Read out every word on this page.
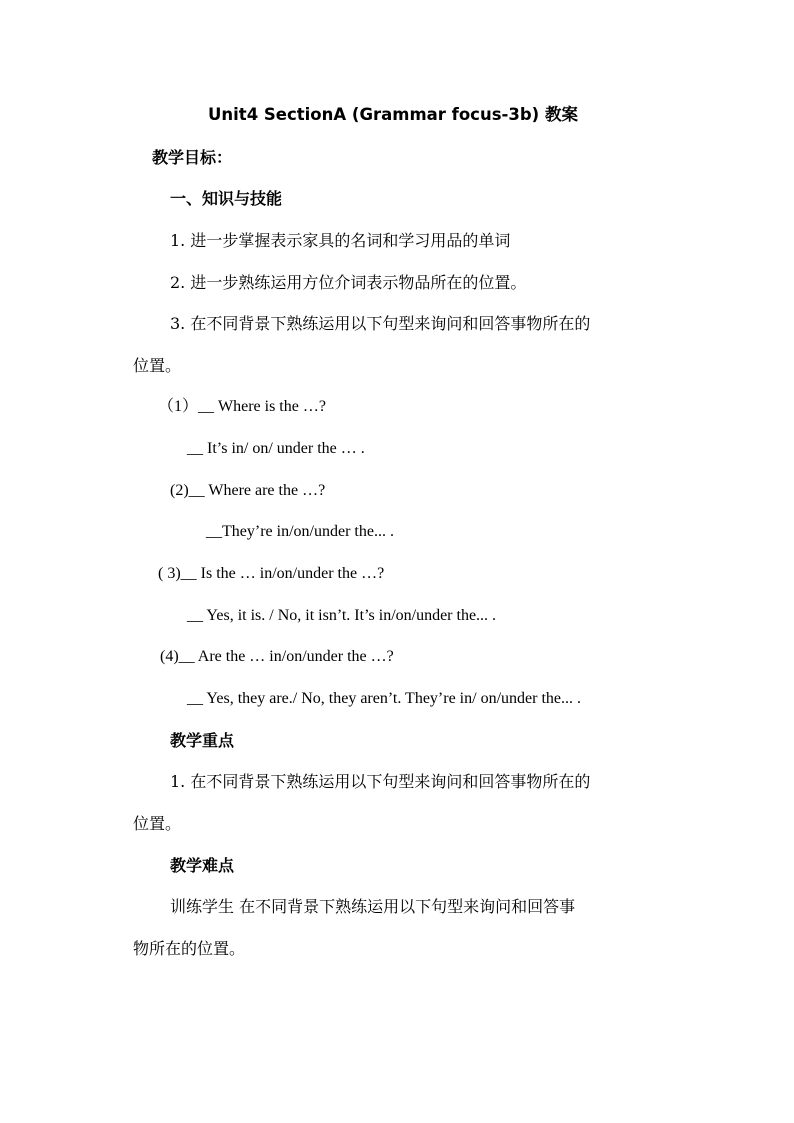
Unit4 SectionA (Grammar focus-3b) 教案
教学目标：
一、知识与技能
1. 进一步掌握表示家具的名词和学习用品的单词
2. 进一步熟练运用方位介词表示物品所在的位置。
3. 在不同背景下熟练运用以下句型来询问和回答事物所在的
位置。
（1）__ Where is the …?
__ It’s in/ on/ under the … .
(2)__ Where are the …?
__They’re in/on/under the... .
( 3)__ Is the … in/on/under the …?
__ Yes, it is. / No, it isn’t. It’s in/on/under the... .
(4)__ Are the … in/on/under the …?
__ Yes, they are./ No, they aren’t. They’re in/ on/under the... .
教学重点
1. 在不同背景下熟练运用以下句型来询问和回答事物所在的
位置。
教学难点
训练学生 在不同背景下熟练运用以下句型来询问和回答事
物所在的位置。
